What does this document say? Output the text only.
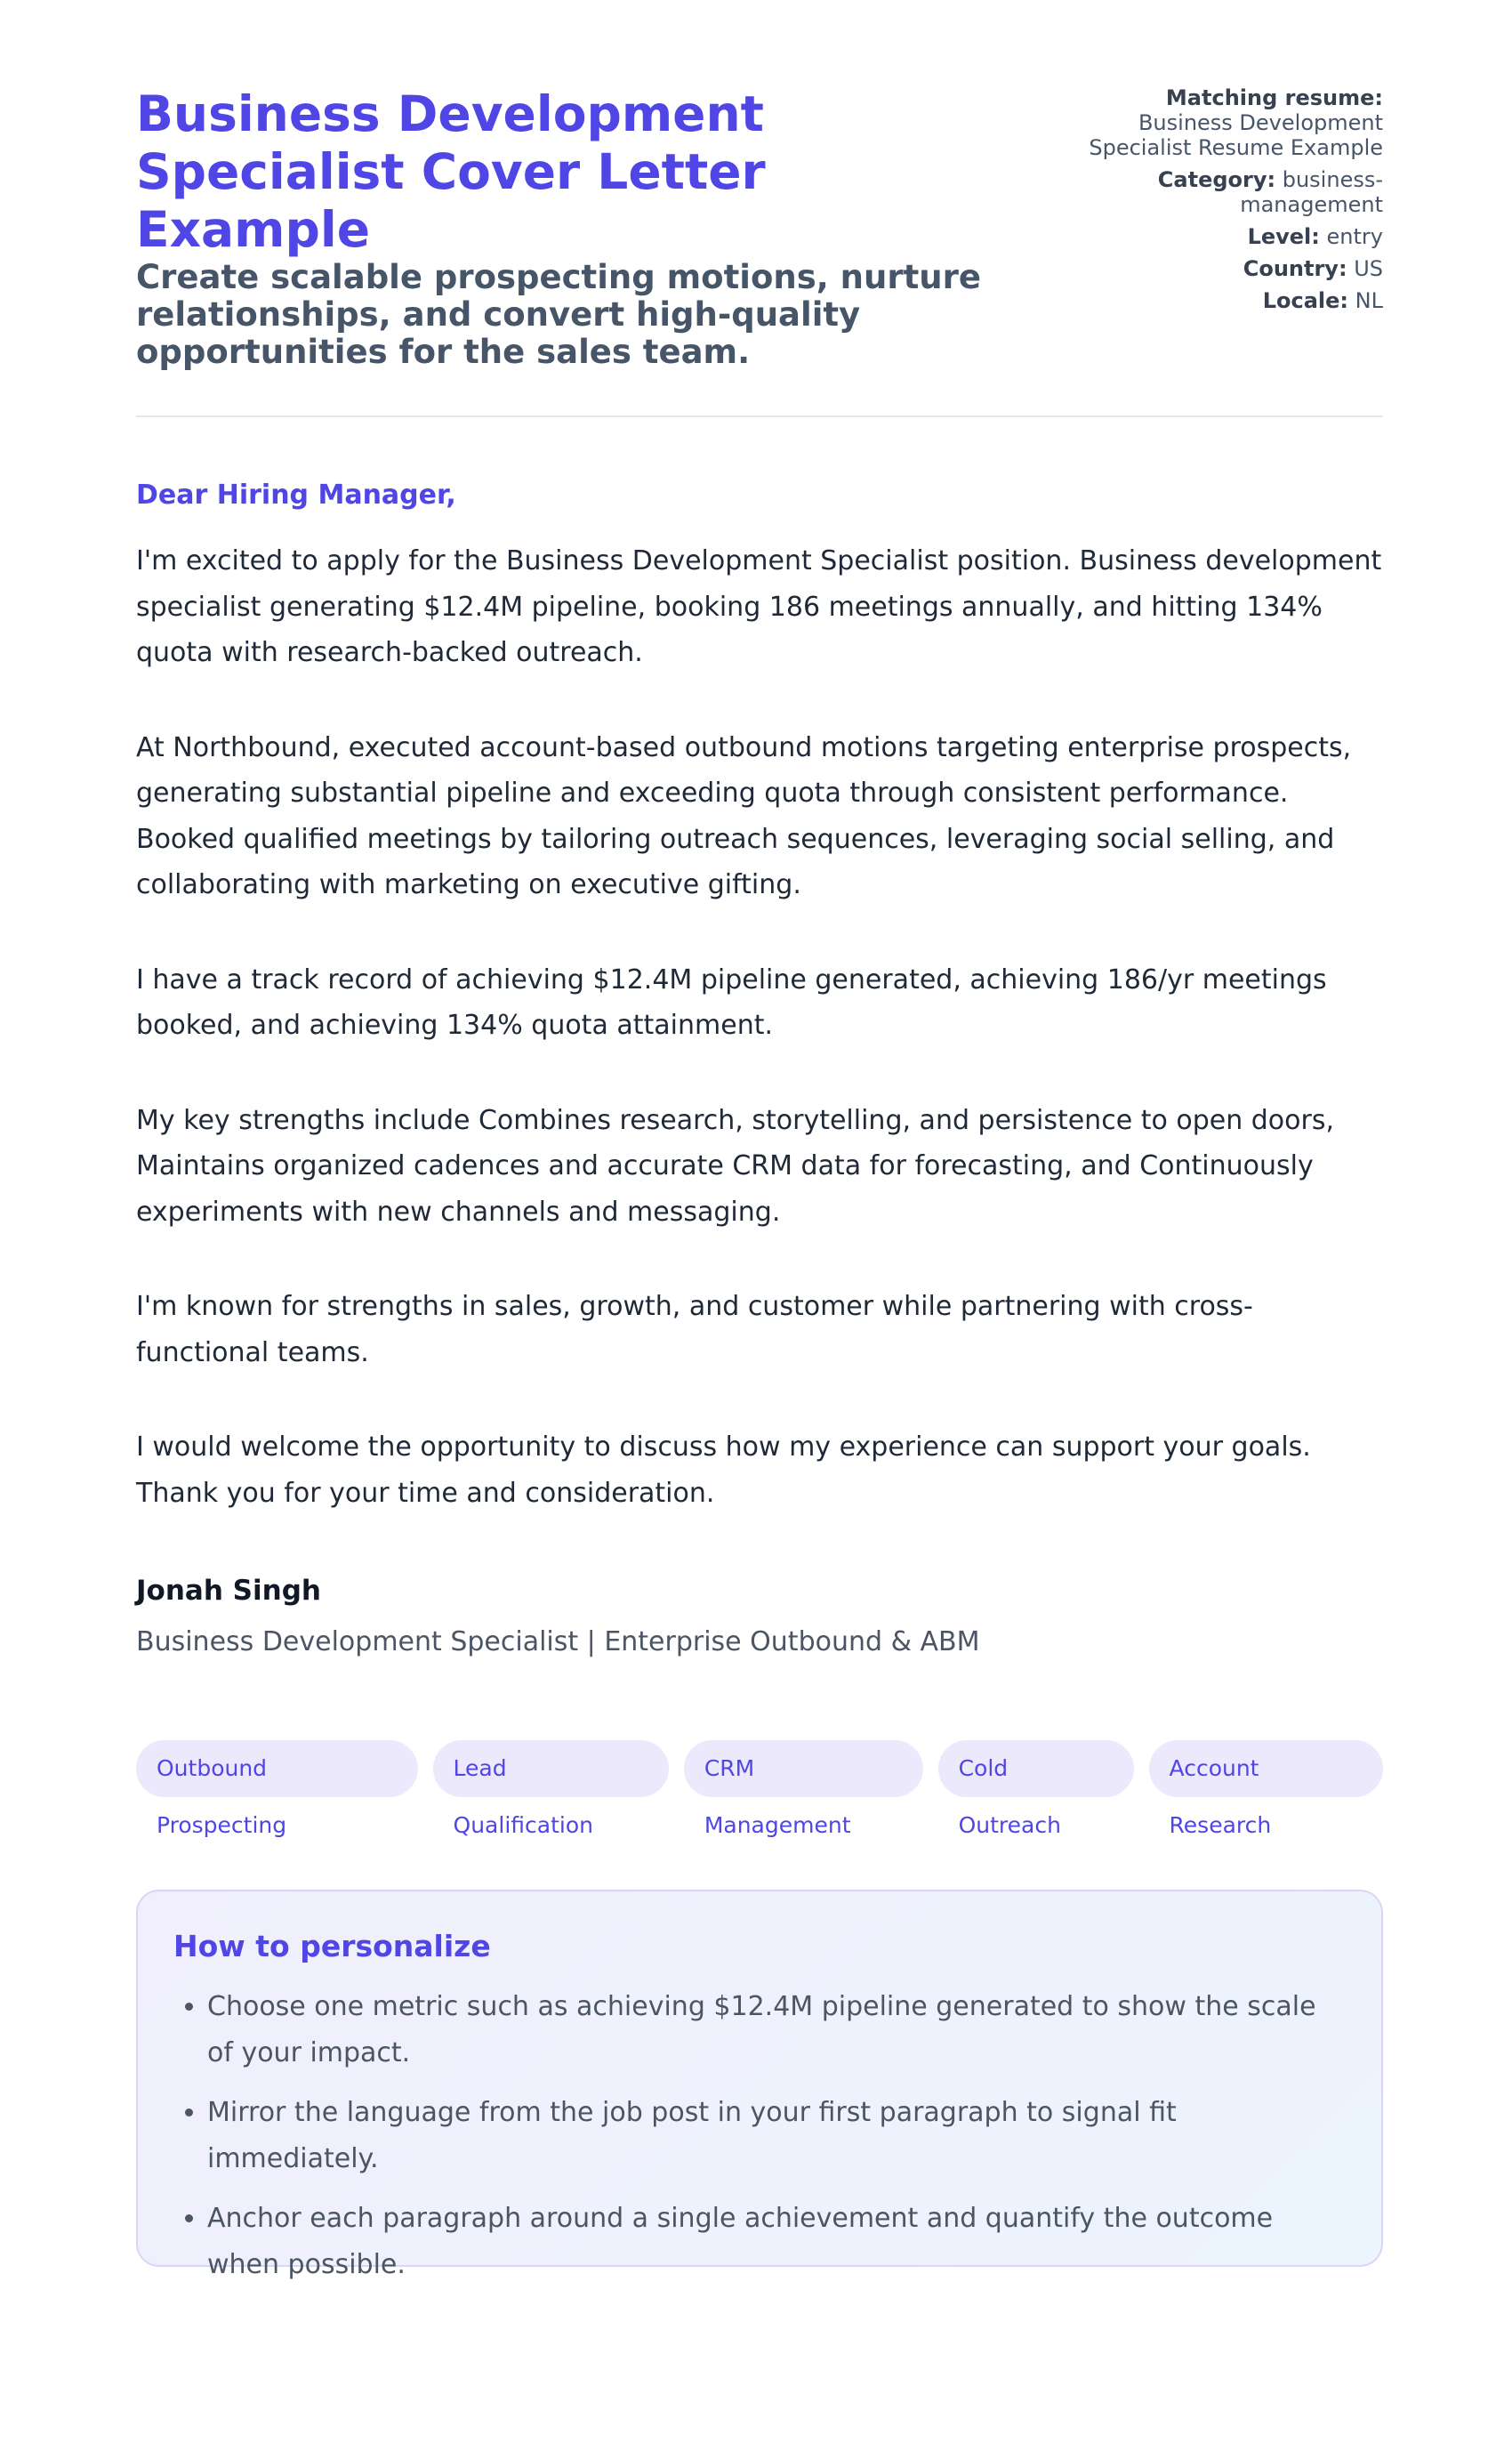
Business Development Specialist Cover Letter Example

Create scalable prospecting motions, nurture relationships, and convert high-quality opportunities for the sales team.

Matching resume:
Business Development Specialist Resume Example
Category: business-management
Level: entry
Country: US
Locale: NL
Dear Hiring Manager,

I'm excited to apply for the Business Development Specialist position. Business development specialist generating $12.4M pipeline, booking 186 meetings annually, and hitting 134% quota with research-backed outreach.

At Northbound, executed account-based outbound motions targeting enterprise prospects, generating substantial pipeline and exceeding quota through consistent performance. Booked qualified meetings by tailoring outreach sequences, leveraging social selling, and collaborating with marketing on executive gifting.

I have a track record of achieving $12.4M pipeline generated, achieving 186/yr meetings booked, and achieving 134% quota attainment.

My key strengths include Combines research, storytelling, and persistence to open doors, Maintains organized cadences and accurate CRM data for forecasting, and Continuously experiments with new channels and messaging.

I'm known for strengths in sales, growth, and customer while partnering with cross-functional teams.

I would welcome the opportunity to discuss how my experience can support your goals. Thank you for your time and consideration.

Jonah Singh
Business Development Specialist | Enterprise Outbound & ABM
Outbound Prospecting
Lead Qualification
CRM Management
Cold Outreach
Account Research
How to personalize
• Choose one metric such as achieving $12.4M pipeline generated to show the scale of your impact.
• Mirror the language from the job post in your first paragraph to signal fit immediately.
• Anchor each paragraph around a single achievement and quantify the outcome when possible.
